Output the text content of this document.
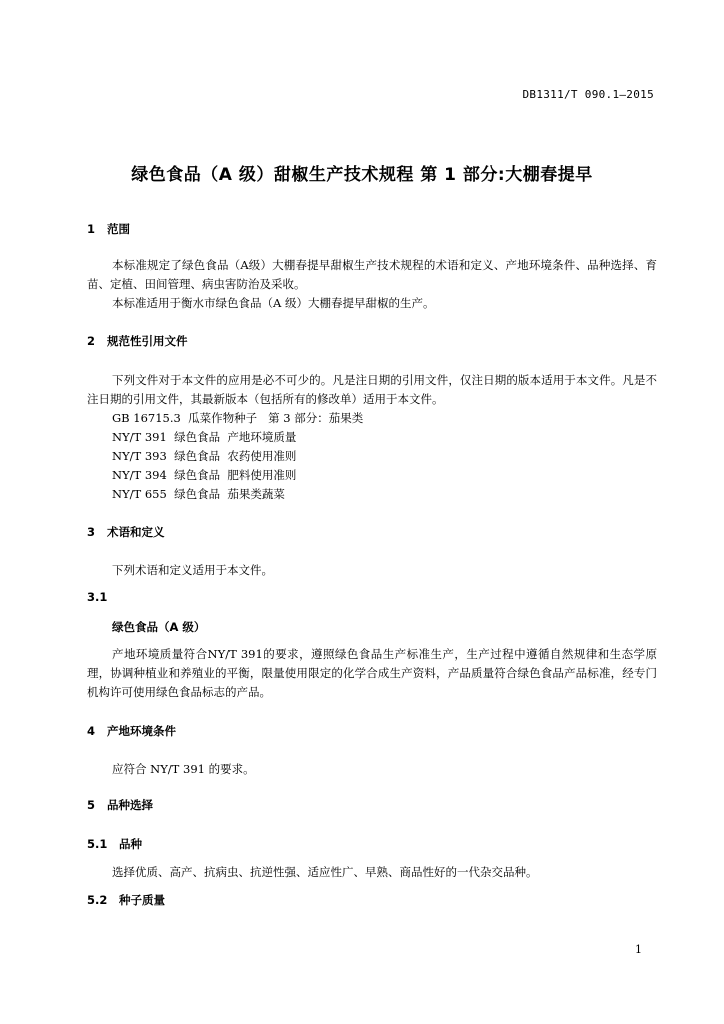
DB1311/T 090.1—2015
绿色食品（A 级）甜椒生产技术规程 第 1 部分:大棚春提早
1 范围
本标准规定了绿色食品（A级）大棚春提早甜椒生产技术规程的术语和定义、产地环境条件、品种选择、育苗、定植、田间管理、病虫害防治及采收。
本标准适用于衡水市绿色食品（A 级）大棚春提早甜椒的生产。
2 规范性引用文件
下列文件对于本文件的应用是必不可少的。凡是注日期的引用文件，仅注日期的版本适用于本文件。凡是不注日期的引用文件，其最新版本（包括所有的修改单）适用于本文件。
GB 16715.3  瓜菜作物种子   第 3 部分：茄果类
NY/T 391  绿色食品  产地环境质量
NY/T 393  绿色食品  农药使用准则
NY/T 394  绿色食品  肥料使用准则
NY/T 655  绿色食品  茄果类蔬菜
3 术语和定义
下列术语和定义适用于本文件。
3.1
绿色食品（A 级）
产地环境质量符合NY/T 391的要求，遵照绿色食品生产标准生产，生产过程中遵循自然规律和生态学原理，协调种植业和养殖业的平衡，限量使用限定的化学合成生产资料，产品质量符合绿色食品产品标准，经专门机构许可使用绿色食品标志的产品。
4 产地环境条件
应符合 NY/T 391 的要求。
5 品种选择
5.1 品种
选择优质、高产、抗病虫、抗逆性强、适应性广、早熟、商品性好的一代杂交品种。
5.2 种子质量
1
